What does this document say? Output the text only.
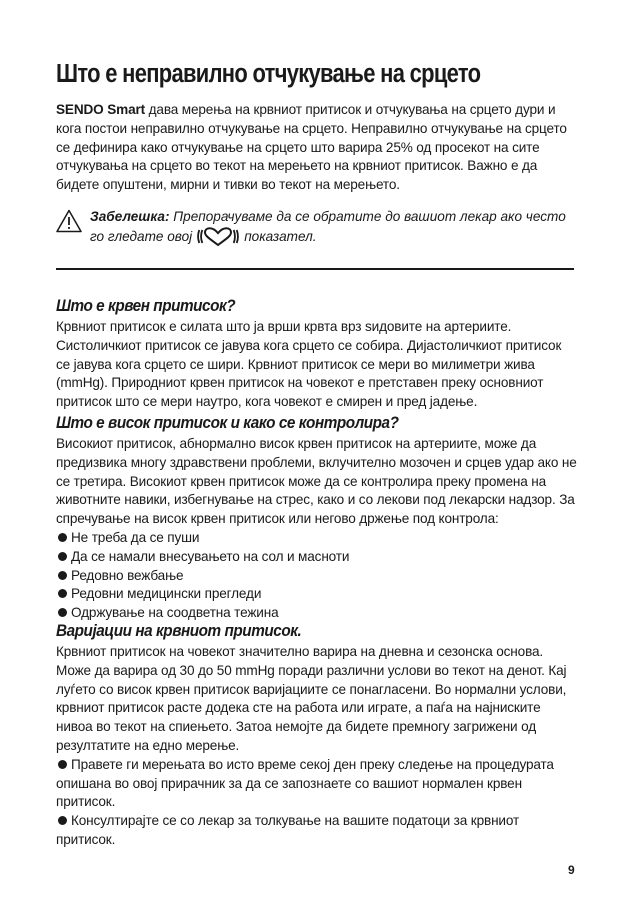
Што е неправилно отчукување на срцето

SENDO Smart дава мерења на крвниот притисок и отчукувања на срцето дури и кога постои неправилно отчукување на срцето. Неправилно отчукување на срцето се дефинира како отчукување на срцето што варира 25% од просекот на сите отчукувања на срцето во текот на мерењето на крвниот притисок. Важно е да бидете опуштени, мирни и тивки во текот на мерењето.

Забелешка: Препорачуваме да се обратите до вашиот лекар ако често го гледате овој	показател.
Што е крвен притисок?

Крвниот притисок е силата што ја врши крвта врз ѕидовите на артериите. Систоличкиот притисок се јавува кога срцето се собира. Дијастоличкиот притисок се јавува кога срцето се шири. Крвниот притисок се мери во милиметри жива (mmHg). Природниот крвен притисок на човекот е претставен преку основниот притисок што се мери наутро, кога човекот е смирен и пред јадење.

Што е висок притисок и како се контролира?

Високиот притисок, абнормално висок крвен притисок на артериите, може да предизвика многу здравствени проблеми, вклучително мозочен и срцев удар ако не се третира. Високиот крвен притисок може да се контролира преку промена на животните навики, избегнување на стрес, како и со лекови под лекарски надзор. За спречување на висок крвен притисок или негово држење под контрола:

Не треба да се пуши
Да се намали внесувањето на сол и масноти
Редовно вежбање
Редовни медицински прегледи
Одржување на соодветна тежина
Варијации на крвниот притисок.

Крвниот притисок на човекот значително варира на дневна и сезонска основа. Може да варира од 30 до 50 mmHg поради различни услови во текот на денот. Кај луѓето со висок крвен притисок варијациите се понагласени. Во нормални услови, крвниот притисок расте додека сте на работа или играте, а паѓа на најниските нивоа во текот на спиењето. Затоа немојте да бидете премногу загрижени од резултатите на едно мерење.

Правете ги мерењата во исто време секој ден преку следење на процедурата опишана во овој прирачник за да се запознаете со вашиот нормален крвен притисок.

Консултирајте се со лекар за толкување на вашите податоци за крвниот притисок.

9
